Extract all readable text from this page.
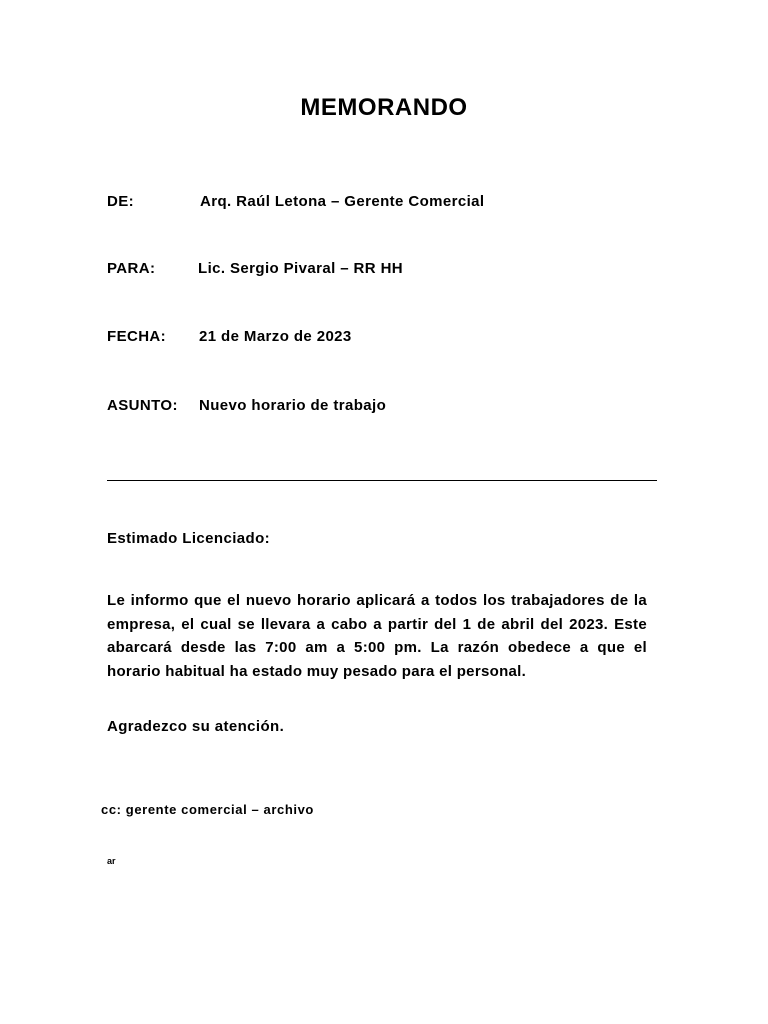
MEMORANDO
DE:	Arq. Raúl Letona – Gerente Comercial
PARA:	Lic. Sergio Pivaral – RR HH
FECHA: 21 de Marzo de 2023
ASUNTO: Nuevo horario de trabajo
Estimado Licenciado:
Le informo que el nuevo horario aplicará a todos los trabajadores de la empresa, el cual se llevara a cabo a partir del 1 de abril del 2023. Este abarcará desde las 7:00 am a 5:00 pm. La razón obedece a que el horario habitual ha estado muy pesado para el personal.
Agradezco su atención.
cc: gerente comercial – archivo
ar
